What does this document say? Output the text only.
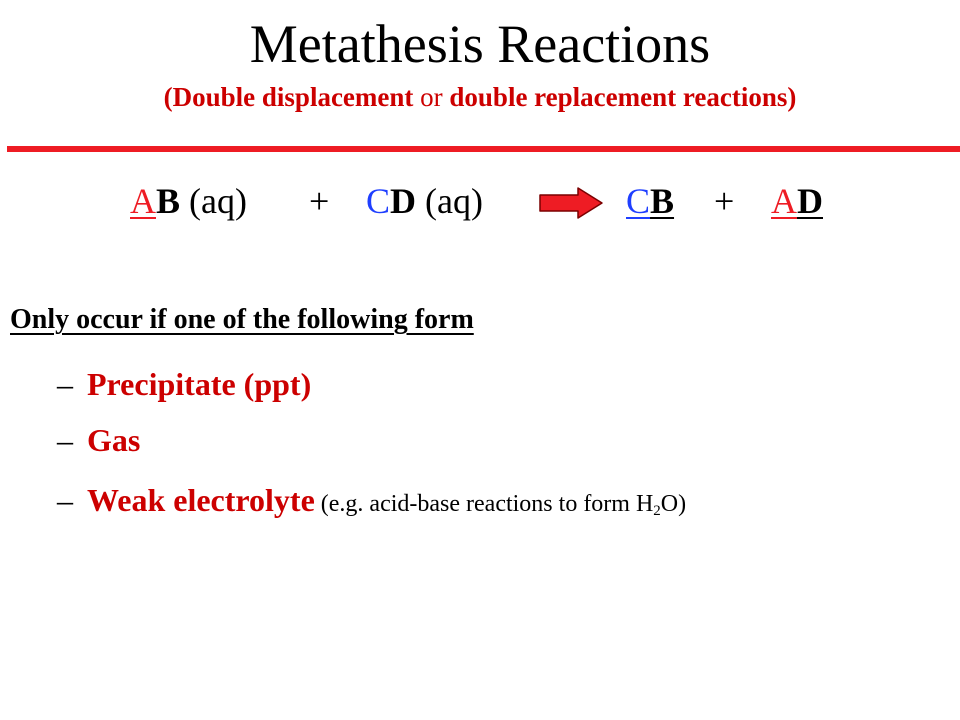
Metathesis Reactions
(Double displacement or double replacement reactions)
AB (aq) + CD (aq)	CB + AD
Only occur if one of the following form
– Precipitate (ppt)
– Gas
– Weak electrolyte (e.g. acid-base reactions to form $H_2O$)
